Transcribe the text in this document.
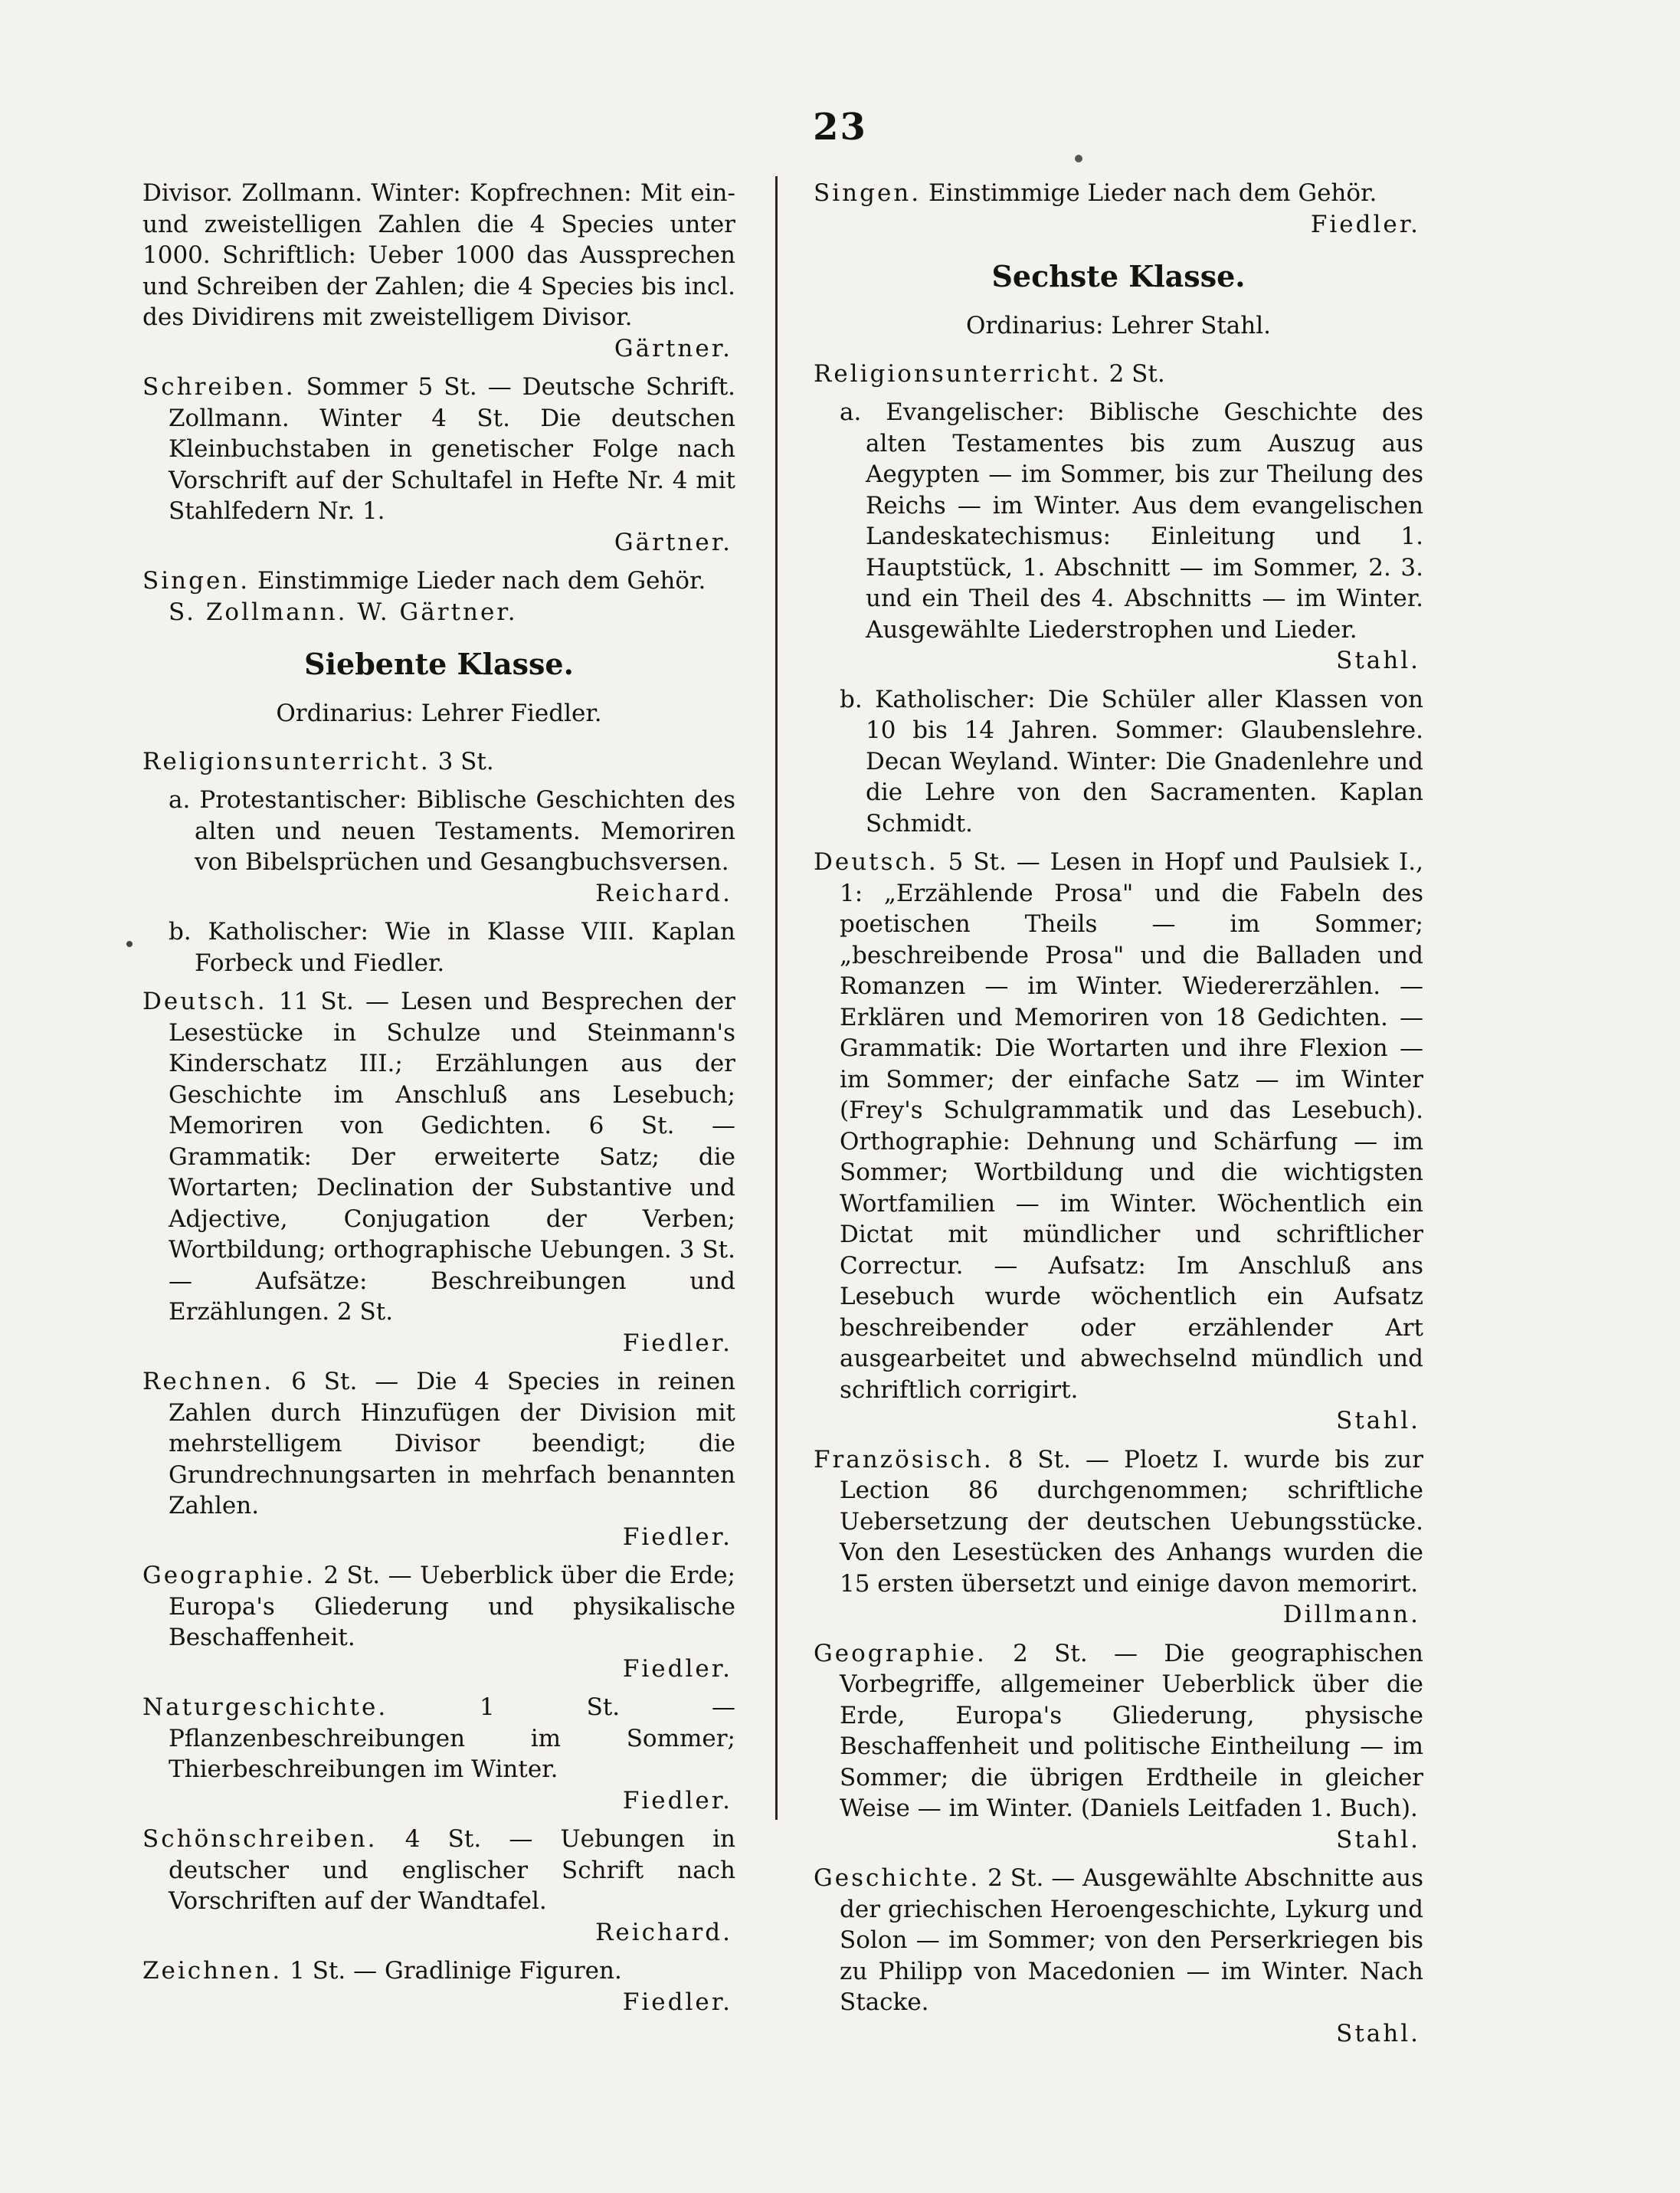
23

Divisor. Zollmann. Winter: Kopfrechnen: Mit ein- und zweistelligen Zahlen die 4 Species unter 1000. Schriftlich: Ueber 1000 das Aussprechen und Schreiben der Zahlen; die 4 Species bis incl. des Dividirens mit zweistelligem Divisor.
Gärtner.

Schreiben. Sommer 5 St. — Deutsche Schrift. Zollmann. Winter 4 St. Die deutschen Kleinbuchstaben in genetischer Folge nach Vorschrift auf der Schultafel in Hefte Nr. 4 mit Stahlfedern Nr. 1.
Gärtner.

Singen. Einstimmige Lieder nach dem Gehör.
S. Zollmann. W. Gärtner.

Siebente Klasse.

Ordinarius: Lehrer Fiedler.

Religionsunterricht. 3 St.

a. Protestantischer: Biblische Geschichten des alten und neuen Testaments. Memoriren von Bibelsprüchen und Gesangbuchsversen.
Reichard.

b. Katholischer: Wie in Klasse VIII. Kaplan Forbeck und Fiedler.

Deutsch. 11 St. — Lesen und Besprechen der Lesestücke in Schulze und Steinmann's Kinderschatz III.; Erzählungen aus der Geschichte im Anschluß ans Lesebuch; Memoriren von Gedichten. 6 St. — Grammatik: Der erweiterte Satz; die Wortarten; Declination der Substantive und Adjective, Conjugation der Verben; Wortbildung; orthographische Uebungen. 3 St. — Aufsätze: Beschreibungen und Erzählungen. 2 St.
Fiedler.

Rechnen. 6 St. — Die 4 Species in reinen Zahlen durch Hinzufügen der Division mit mehrstelligem Divisor beendigt; die Grundrechnungsarten in mehrfach benannten Zahlen.
Fiedler.

Geographie. 2 St. — Ueberblick über die Erde; Europa's Gliederung und physikalische Beschaffenheit.
Fiedler.

Naturgeschichte.	1 St. — Pflanzenbeschreibungen im Sommer; Thierbeschreibungen im Winter.
Fiedler.

Schönschreiben. 4 St. — Uebungen in deutscher und englischer Schrift nach Vorschriften auf der Wandtafel.
Reichard.

Zeichnen. 1 St. — Gradlinige Figuren.
Fiedler.

Singen. Einstimmige Lieder nach dem Gehör.
Fiedler.

Sechste Klasse.

Ordinarius: Lehrer Stahl.

Religionsunterricht. 2 St.

a. Evangelischer: Biblische Geschichte des alten Testamentes bis zum Auszug aus Aegypten — im Sommer, bis zur Theilung des Reichs — im Winter. Aus dem evangelischen Landeskatechismus: Einleitung und 1. Hauptstück, 1. Abschnitt — im Sommer, 2. 3. und ein Theil des 4. Abschnitts — im Winter. Ausgewählte Liederstrophen und Lieder.
Stahl.

b. Katholischer: Die Schüler aller Klassen von 10 bis 14 Jahren. Sommer: Glaubenslehre. Decan Weyland. Winter: Die Gnadenlehre und die Lehre von den Sacramenten. Kaplan Schmidt.

Deutsch. 5 St. — Lesen in Hopf und Paulsiek I., 1: „Erzählende Prosa" und die Fabeln des poetischen Theils — im Sommer; „beschreibende Prosa" und die Balladen und Romanzen — im Winter. Wiedererzählen. — Erklären und Memoriren von 18 Gedichten. — Grammatik: Die Wortarten und ihre Flexion — im Sommer; der einfache Satz — im Winter (Frey's Schulgrammatik und das Lesebuch). Orthographie: Dehnung und Schärfung — im Sommer; Wortbildung und die wichtigsten Wortfamilien — im Winter. Wöchentlich ein Dictat mit mündlicher und schriftlicher Correctur. — Aufsatz: Im Anschluß ans Lesebuch wurde wöchentlich ein Aufsatz beschreibender oder erzählender Art ausgearbeitet und abwechselnd mündlich und schriftlich corrigirt.
Stahl.

Französisch. 8 St. — Ploetz I. wurde bis zur Lection 86 durchgenommen; schriftliche Uebersetzung der deutschen Uebungsstücke. Von den Lesestücken des Anhangs wurden die 15 ersten übersetzt und einige davon memorirt.
Dillmann.

Geographie. 2 St. — Die geographischen Vorbegriffe, allgemeiner Ueberblick über die Erde, Europa's Gliederung, physische Beschaffenheit und politische Eintheilung — im Sommer; die übrigen Erdtheile in gleicher Weise — im Winter. (Daniels Leitfaden 1. Buch).
Stahl.

Geschichte. 2 St. — Ausgewählte Abschnitte aus der griechischen Heroengeschichte, Lykurg und Solon — im Sommer; von den Perserkriegen bis zu Philipp von Macedonien — im Winter. Nach Stacke.
Stahl.
